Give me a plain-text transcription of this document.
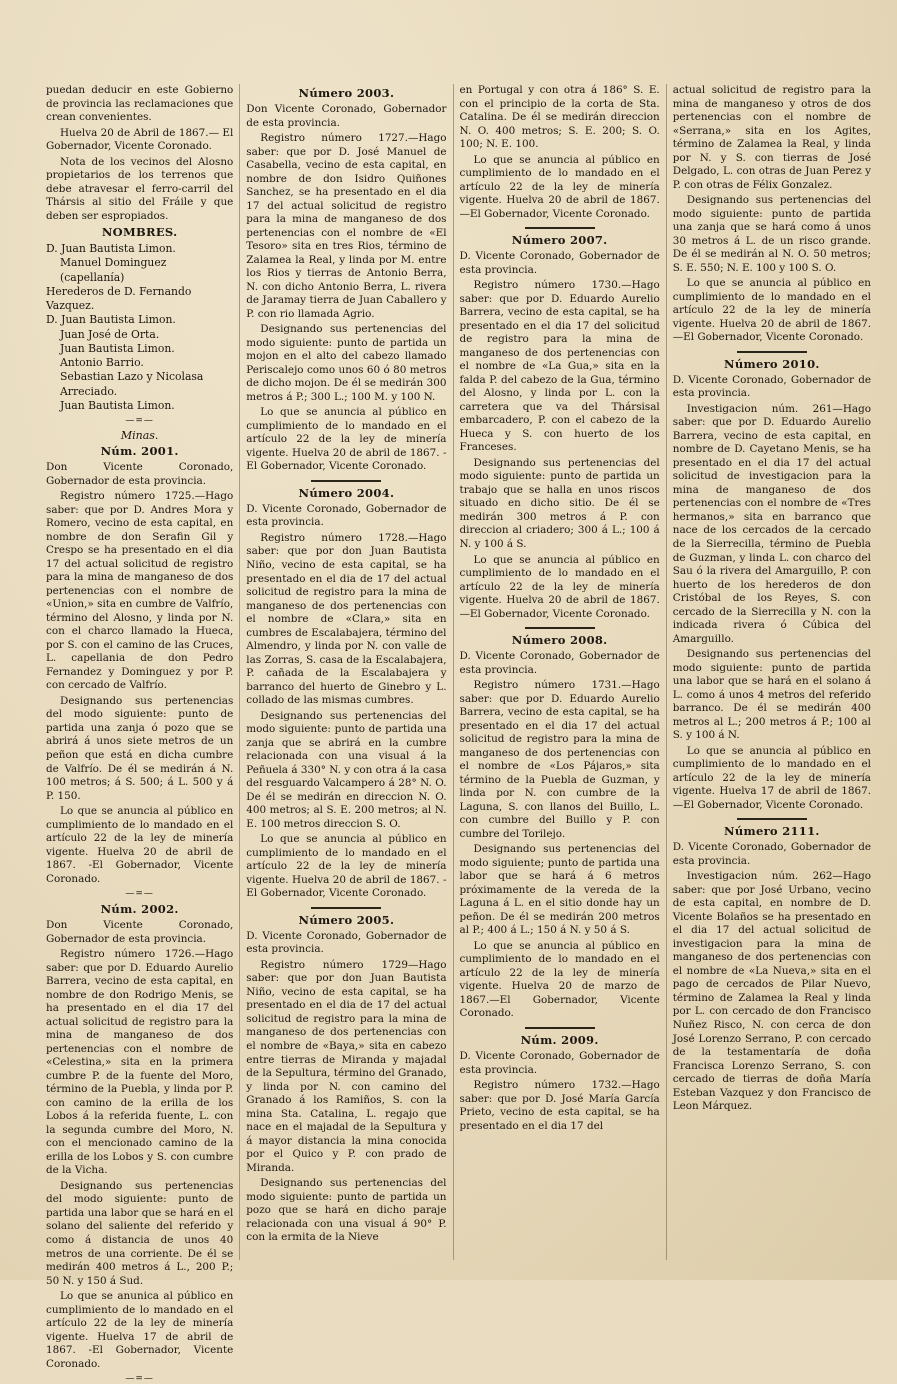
puedan deducir en este Gobierno de provincia las reclamaciones que crean convenientes.

Huelva 20 de Abril de 1867.— El Gobernador, Vicente Coronado.

Nota de los vecinos del Alosno propietarios de los terrenos que debe atravesar el ferro-carril del Thársis al sitio del Fráile y que deben ser espropiados.

NOMBRES.
D. Juan Bautista Limon.
Manuel Dominguez (capellanía)
Herederos de D. Fernando Vazquez.
D. Juan Bautista Limon.
Juan José de Orta.
Juan Bautista Limon.
Antonio Barrio.
Sebastian Lazo y Nicolasa Arreciado.
Juan Bautista Limon.
—=—
Minas.
Núm. 2001.

Don Vicente Coronado, Gobernador de esta provincia.

Registro número 1725.—Hago saber: que por D. Andres Mora y Romero, vecino de esta capital, en nombre de don Serafin Gil y Crespo se ha presentado en el dia 17 del actual solicitud de registro para la mina de manganeso de dos pertenencias con el nombre de «Union,» sita en cumbre de Valfrío, término del Alosno, y linda por N. con el charco llamado la Hueca, por S. con el camino de las Cruces, L. capellania de don Pedro Fernandez y Dominguez y por P. con cercado de Valfrío.

Designando sus pertenencias del modo siguiente: punto de partida una zanja ó pozo que se abrirá á unos siete metros de un peñon que está en dicha cumbre de Valfrío. De él se medirán á N. 100 metros; á S. 500; á L. 500 y á P. 150.

Lo que se anuncia al público en cumplimiento de lo mandado en el artículo 22 de la ley de minería vigente. Huelva 20 de abril de 1867. -El Gobernador, Vicente Coronado.

—=—
Núm. 2002.

Don Vicente Coronado, Gobernador de esta provincia.

Registro número 1726.—Hago saber: que por D. Eduardo Aurelio Barrera, vecino de esta capital, en nombre de don Rodrigo Menis, se ha presentado en el dia 17 del actual solicitud de registro para la mina de manganeso de dos pertenencias con el nombre de «Celestina,» sita en la primera cumbre P. de la fuente del Moro, término de la Puebla, y linda por P. con camino de la erilla de los Lobos á la referida fuente, L. con la segunda cumbre del Moro, N. con el mencionado camino de la erilla de los Lobos y S. con cumbre de la Vicha.

Designando sus pertenencias del modo siguiente: punto de partida una labor que se hará en el solano del saliente del referido y como á distancia de unos 40 metros de una corriente. De él se medirán 400 metros á L., 200 P.; 50 N. y 150 á Sud.

Lo que se anunica al público en cumplimiento de lo mandado en el artículo 22 de la ley de minería vigente. Huelva 17 de abril de 1867. -El Gobernador, Vicente Coronado.

—=—
Número 2003.

Don Vicente Coronado, Gobernador de esta provincia.

Registro número 1727.—Hago saber: que por D. José Manuel de Casabella, vecino de esta capital, en nombre de don Isidro Quiñones Sanchez, se ha presentado en el dia 17 del actual solicitud de registro para la mina de manganeso de dos pertenencias con el nombre de «El Tesoro» sita en tres Rios, término de Zalamea la Real, y linda por M. entre los Rios y tierras de Antonio Berra, N. con dicho Antonio Berra, L. rivera de Jaramay tierra de Juan Caballero y P. con rio llamada Agrio.

Designando sus pertenencias del modo siguiente: punto de partida un mojon en el alto del cabezo llamado Periscalejo como unos 60 ó 80 metros de dicho mojon. De él se medirán 300 metros á P.; 300 L.; 100 M. y 100 N.

Lo que se anuncia al público en cumplimiento de lo mandado en el artículo 22 de la ley de minería vigente. Huelva 20 de abril de 1867. -El Gobernador, Vicente Coronado.

Número 2004.

D. Vicente Coronado, Gobernador de esta provincia.

Registro número 1728.—Hago saber: que por don Juan Bautista Niño, vecino de esta capital, se ha presentado en el dia de 17 del actual solicitud de registro para la mina de manganeso de dos pertenencias con el nombre de «Clara,» sita en cumbres de Escalabajera, término del Almendro, y linda por N. con valle de las Zorras, S. casa de la Escalabajera, P. cañada de la Escalabajera y barranco del huerto de Ginebro y L. collado de las mismas cumbres.

Designando sus pertenencias del modo siguiente: punto de partida una zanja que se abrirá en la cumbre relacionada con una visual á la Peñuela á 330° N. y con otra á la casa del resguardo Valcampero á 28° N. O. De él se medirán en direccion N. O. 400 metros; al S. E. 200 metros; al N. E. 100 metros direccion S. O.

Lo que se anuncia al público en cumplimiento de lo mandado en el artículo 22 de la ley de minería vigente. Huelva 20 de abril de 1867. -El Gobernador, Vicente Coronado.

Número 2005.

D. Vicente Coronado, Gobernador de esta provincia.

Registro número 1729—Hago saber: que por don Juan Bautista Niño, vecino de esta capital, se ha presentado en el dia de 17 del actual solicitud de registro para la mina de manganeso de dos pertenencias con el nombre de «Baya,» sita en cabezo entre tierras de Miranda y majadal de la Sepultura, término del Granado, y linda por N. con camino del Granado á los Ramiños, S. con la mina Sta. Catalina, L. regajo que nace en el majadal de la Sepultura y á mayor distancia la mina conocida por el Quico y P. con prado de Miranda.

Designando sus pertenencias del modo siguiente: punto de partida un pozo que se hará en dicho paraje relacionada con una visual á 90° P. con la ermita de la Nieve

en Portugal y con otra á 186° S. E. con el principio de la corta de Sta. Catalina. De él se medirán direccion N. O. 400 metros; S. E. 200; S. O. 100; N. E. 100.

Lo que se anuncia al público en cumplimiento de lo mandado en el artículo 22 de la ley de minería vigente. Huelva 20 de abril de 1867.—El Gobernador, Vicente Coronado.

Número 2007.

D. Vicente Coronado, Gobernador de esta provincia.

Registro número 1730.—Hago saber: que por D. Eduardo Aurelio Barrera, vecino de esta capital, se ha presentado en el dia 17 del solicitud de registro para la mina de manganeso de dos pertenencias con el nombre de «La Gua,» sita en la falda P. del cabezo de la Gua, término del Alosno, y linda por L. con la carretera que va del Thársisal embarcadero, P. con el cabezo de la Hueca y S. con huerto de los Franceses.

Designando sus pertenencias del modo siguiente: punto de partida un trabajo que se halla en unos riscos situado en dicho sitio. De él se medirán 300 metros á P. con direccion al criadero; 300 á L.; 100 á N. y 100 á S.

Lo que se anuncia al público en cumplimiento de lo mandado en el artículo 22 de la ley de minería vigente. Huelva 20 de abril de 1867.—El Gobernador, Vicente Coronado.

Número 2008.

D. Vicente Coronado, Gobernador de esta provincia.

Registro número 1731.—Hago saber: que por D. Eduardo Aurelio Barrera, vecino de esta capital, se ha presentado en el dia 17 del actual solicitud de registro para la mina de manganeso de dos pertenencias con el nombre de «Los Pájaros,» sita término de la Puebla de Guzman, y linda por N. con cumbre de la Laguna, S. con llanos del Buillo, L. con cumbre del Buillo y P. con cumbre del Torilejo.

Designando sus pertenencias del modo siguiente; punto de partida una labor que se hará á 6 metros próximamente de la vereda de la Laguna á L. en el sitio donde hay un peñon. De él se medirán 200 metros al P.; 400 á L.; 150 á N. y 50 á S.

Lo que se anuncia al público en cumplimiento de lo mandado en el artículo 22 de la ley de minería vigente. Huelva 20 de marzo de 1867.—El Gobernador, Vicente Coronado.

Núm. 2009.

D. Vicente Coronado, Gobernador de esta provincia.

Registro número 1732.—Hago saber: que por D. José María García Prieto, vecino de esta capital, se ha presentado en el dia 17 del

actual solicitud de registro para la mina de manganeso y otros de dos pertenencias con el nombre de «Serrana,» sita en los Agites, término de Zalamea la Real, y linda por N. y S. con tierras de José Delgado, L. con otras de Juan Perez y P. con otras de Félix Gonzalez.

Designando sus pertenencias del modo siguiente: punto de partida una zanja que se hará como á unos 30 metros á L. de un risco grande. De él se medirán al N. O. 50 metros; S. E. 550; N. E. 100 y 100 S. O.

Lo que se anuncia al público en cumplimiento de lo mandado en el artículo 22 de la ley de minería vigente. Huelva 20 de abril de 1867.—El Gobernador, Vicente Coronado.

Número 2010.

D. Vicente Coronado, Gobernador de esta provincia.

Investigacion núm. 261—Hago saber: que por D. Eduardo Aurelio Barrera, vecino de esta capital, en nombre de D. Cayetano Menis, se ha presentado en el dia 17 del actual solicitud de investigacion para la mina de manganeso de dos pertenencias con el nombre de «Tres hermanos,» sita en barranco que nace de los cercados de la cercado de la Sierrecilla, término de Puebla de Guzman, y linda L. con charco del Sau ó la rivera del Amarguillo, P. con huerto de los herederos de don Cristóbal de los Reyes, S. con cercado de la Sierrecilla y N. con la indicada rivera ó Cúbica del Amarguillo.

Designando sus pertenencias del modo siguiente: punto de partida una labor que se hará en el solano á L. como á unos 4 metros del referido barranco. De él se medirán 400 metros al L.; 200 metros á P.; 100 al S. y 100 á N.

Lo que se anuncia al público en cumplimiento de lo mandado en el artículo 22 de la ley de minería vigente. Huelva 17 de abril de 1867.—El Gobernador, Vicente Coronado.

Número 2111.

D. Vicente Coronado, Gobernador de esta provincia.

Investigacion núm. 262—Hago saber: que por José Urbano, vecino de esta capital, en nombre de D. Vicente Bolaños se ha presentado en el dia 17 del actual solicitud de investigacion para la mina de manganeso de dos pertenencias con el nombre de «La Nueva,» sita en el pago de cercados de Pilar Nuevo, término de Zalamea la Real y linda por L. con cercado de don Francisco Nuñez Risco, N. con cerca de don José Lorenzo Serrano, P. con cercado de la testamentaría de doña Francisca Lorenzo Serrano, S. con cercado de tierras de doña María Esteban Vazquez y don Francisco de Leon Márquez.
